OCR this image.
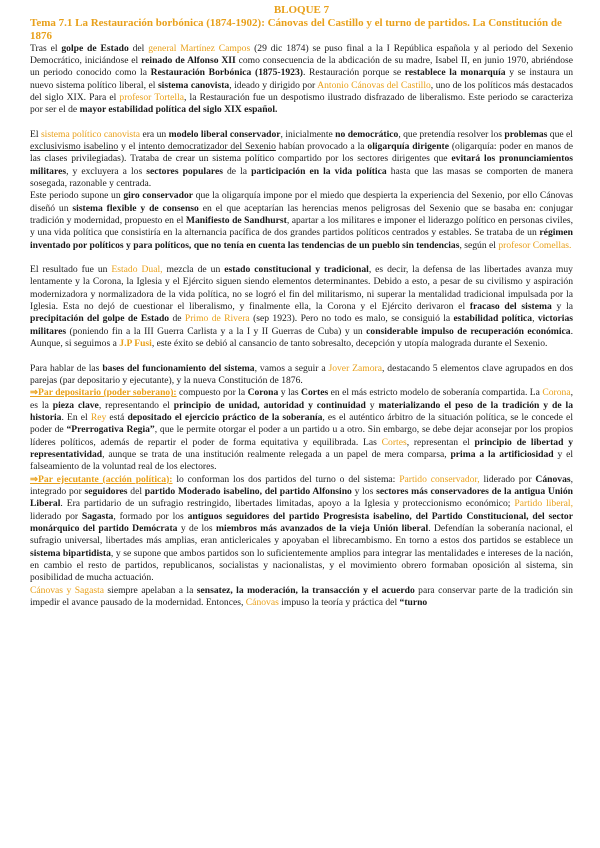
BLOQUE 7
Tema 7.1 La Restauración borbónica (1874-1902): Cánovas del Castillo y el turno de partidos. La Constitución de 1876

Tras el golpe de Estado del general Martínez Campos (29 dic 1874) se puso final a la I República española y al periodo del Sexenio Democrático, iniciándose el reinado de Alfonso XII como consecuencia de la abdicación de su madre, Isabel II, en junio 1970, abriéndose un periodo conocido como la Restauración Borbónica (1875-1923). Restauración porque se restablece la monarquía y se instaura un nuevo sistema político liberal, el sistema canovista, ideado y dirigido por Antonio Cánovas del Castillo, uno de los políticos más destacados del siglo XIX. Para el profesor Tortella, la Restauración fue un despotismo ilustrado disfrazado de liberalismo. Este periodo se caracteriza por ser el de mayor estabilidad política del siglo XIX español.

El sistema político canovista era un modelo liberal conservador, inicialmente no democrático, que pretendía resolver los problemas que el exclusivismo isabelino y el intento democratizador del Sexenio habían provocado a la oligarquía dirigente (oligarquía: poder en manos de las clases privilegiadas). Trataba de crear un sistema político compartido por los sectores dirigentes que evitará los pronunciamientos militares, y excluyera a los sectores populares de la participación en la vida política hasta que las masas se comporten de manera sosegada, razonable y centrada.

Este periodo supone un giro conservador que la oligarquía impone por el miedo que despierta la experiencia del Sexenio, por ello Cánovas diseñó un sistema flexible y de consenso en el que aceptarían las herencias menos peligrosas del Sexenio que se basaba en: conjugar tradición y modernidad, propuesto en el Manifiesto de Sandhurst, apartar a los militares e imponer el liderazgo político en personas civiles, y una vida política que consistiría en la alternancia pacífica de dos grandes partidos políticos centrados y estables. Se trataba de un régimen inventado por políticos y para políticos, que no tenía en cuenta las tendencias de un pueblo sin tendencias, según el profesor Comellas.

El resultado fue un Estado Dual, mezcla de un estado constitucional y tradicional, es decir, la defensa de las libertades avanza muy lentamente y la Corona, la Iglesia y el Ejército siguen siendo elementos determinantes. Debido a esto, a pesar de su civilismo y aspiración modernizadora y normalizadora de la vida política, no se logró el fin del militarismo, ni superar la mentalidad tradicional impulsada por la Iglesia. Esta no dejó de cuestionar el liberalismo, y finalmente ella, la Corona y el Ejército derivaron el fracaso del sistema y la precipitación del golpe de Estado de Primo de Rivera (sep 1923). Pero no todo es malo, se consiguió la estabilidad política, victorias militares (poniendo fin a la III Guerra Carlista y a la I y II Guerras de Cuba) y un considerable impulso de recuperación económica. Aunque, si seguimos a J.P Fusi, este éxito se debió al cansancio de tanto sobresalto, decepción y utopía malograda durante el Sexenio.

Para hablar de las bases del funcionamiento del sistema, vamos a seguir a Jover Zamora, destacando 5 elementos clave agrupados en dos parejas (par depositario y ejecutante), y la nueva Constitución de 1876.

⇒Par depositario (poder soberano): compuesto por la Corona y las Cortes en el más estricto modelo de soberanía compartida. La Corona, es la pieza clave, representando el principio de unidad, autoridad y continuidad y materializando el peso de la tradición y de la historia. En el Rey está depositado el ejercicio práctico de la soberanía, es el auténtico árbitro de la situación política, se le concede el poder de “Prerrogativa Regia”, que le permite otorgar el poder a un partido u a otro. Sin embargo, se debe dejar aconsejar por los propios líderes políticos, además de repartir el poder de forma equitativa y equilibrada. Las Cortes, representan el principio de libertad y representatividad, aunque se trata de una institución realmente relegada a un papel de mera comparsa, prima a la artificiosidad y el falseamiento de la voluntad real de los electores.

⇒Par ejecutante (acción política): lo conforman los dos partidos del turno o del sistema: Partido conservador, liderado por Cánovas, integrado por seguidores del partido Moderado isabelino, del partido Alfonsino y los sectores más conservadores de la antigua Unión Liberal. Era partidario de un sufragio restringido, libertades limitadas, apoyo a la Iglesia y proteccionismo económico; Partido liberal, liderado por Sagasta, formado por los antiguos seguidores del partido Progresista isabelino, del Partido Constitucional, del sector monárquico del partido Demócrata y de los miembros más avanzados de la vieja Unión liberal. Defendían la soberanía nacional, el sufragio universal, libertades más amplias, eran anticlericales y apoyaban el librecambismo. En torno a estos dos partidos se establece un sistema bipartidista, y se supone que ambos partidos son lo suficientemente amplios para integrar las mentalidades e intereses de la nación, en cambio el resto de partidos, republicanos, socialistas y nacionalistas, y el movimiento obrero formaban oposición al sistema, sin posibilidad de mucha actuación.

Cánovas y Sagasta siempre apelaban a la sensatez, la moderación, la transacción y el acuerdo para conservar parte de la tradición sin impedir el avance pausado de la modernidad. Entonces, Cánovas impuso la teoría y práctica del “turno
